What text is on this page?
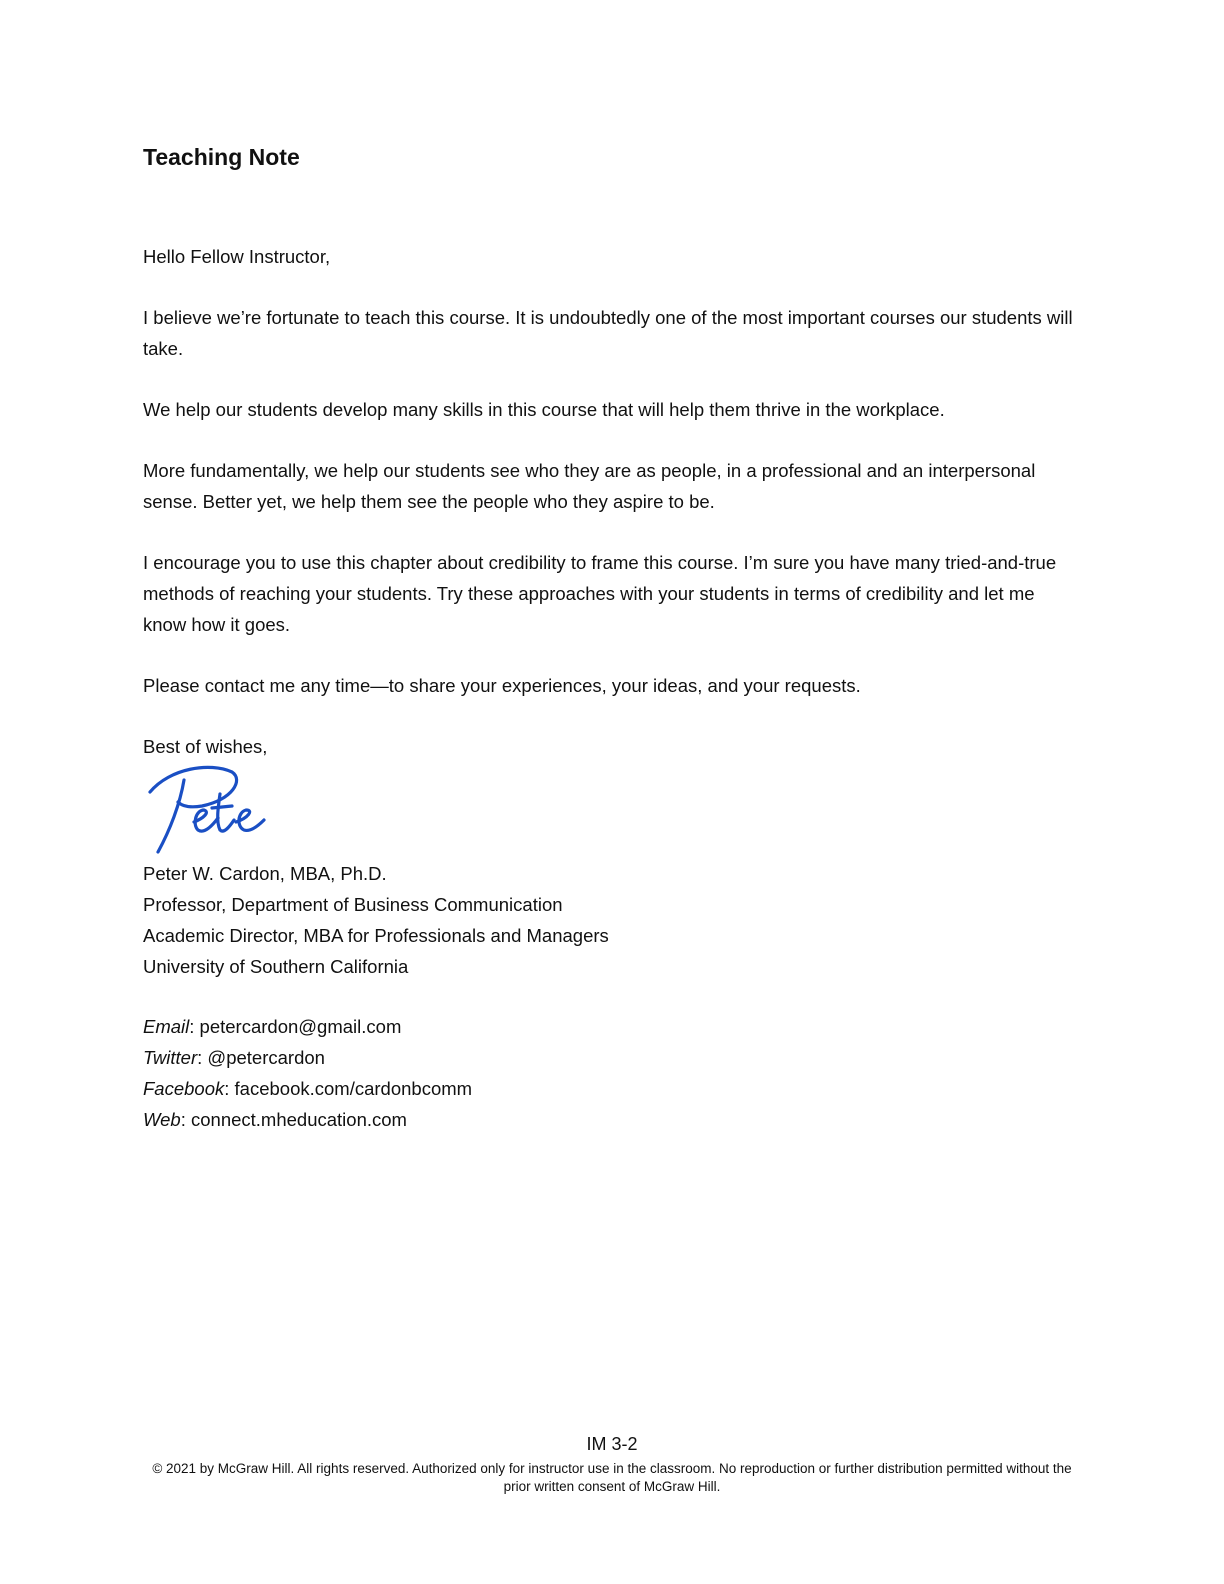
Teaching Note

Hello Fellow Instructor,

I believe we’re fortunate to teach this course. It is undoubtedly one of the most important courses our students will take.

We help our students develop many skills in this course that will help them thrive in the workplace.

More fundamentally, we help our students see who they are as people, in a professional and an interpersonal sense. Better yet, we help them see the people who they aspire to be.

I encourage you to use this chapter about credibility to frame this course. I’m sure you have many tried-and-true methods of reaching your students. Try these approaches with your students in terms of credibility and let me know how it goes.

Please contact me any time—to share your experiences, your ideas, and your requests.

Best of wishes,

Peter W. Cardon, MBA, Ph.D.
Professor, Department of Business Communication
Academic Director, MBA for Professionals and Managers
University of Southern California
Email: petercardon@gmail.com
Twitter: @petercardon
Facebook: facebook.com/cardonbcomm
Web: connect.mheducation.com

IM 3-2

© 2021 by McGraw Hill. All rights reserved. Authorized only for instructor use in the classroom. No reproduction or further distribution permitted without the prior written consent of McGraw Hill.
